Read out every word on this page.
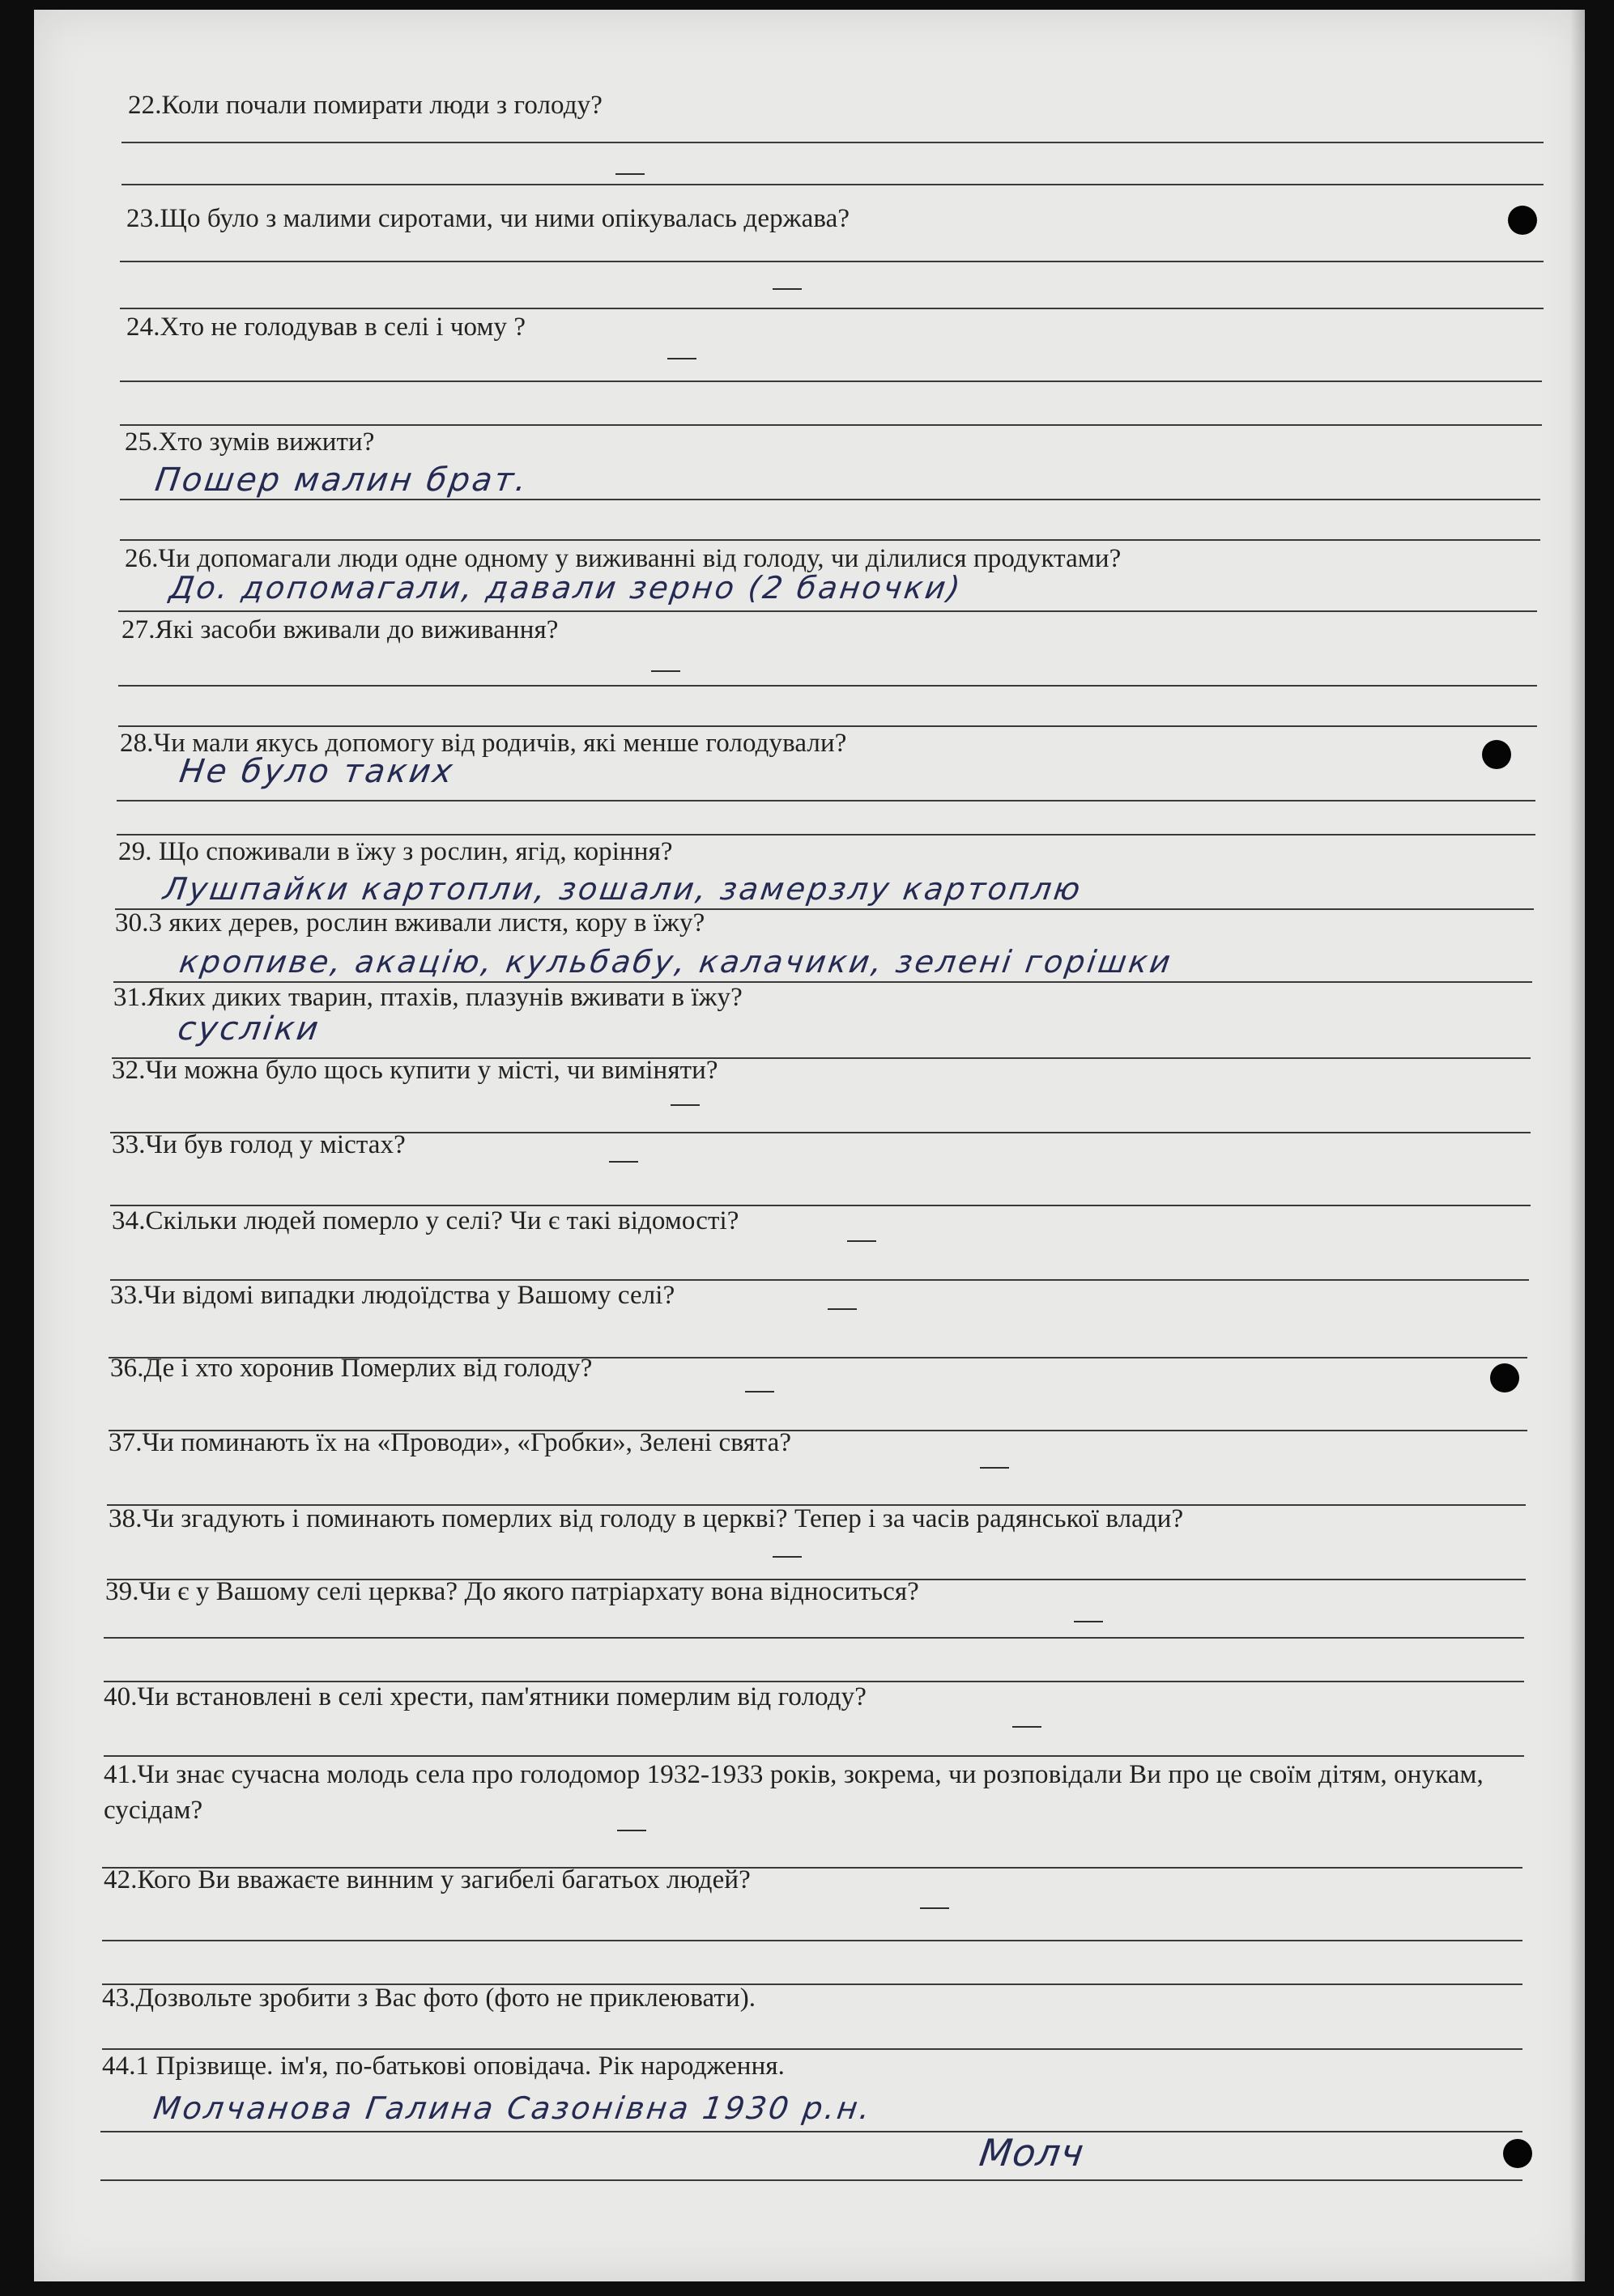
22.Коли почали помирати люди з голоду?
23.Що було з малими сиротами, чи ними опікувалась держава?
24.Хто не голодував в селі і чому ?
25.Хто зумів вижити?
Пошер малин брат.
26.Чи допомагали люди одне одному у виживанні від голоду, чи ділилися продуктами?
До. допомагали, давали зерно (2 баночки)
27.Які засоби вживали до виживання?
28.Чи мали якусь допомогу від родичів, які менше голодували?
Не було таких
29. Що споживали в їжу з рослин, ягід, коріння?
Лушпайки картопли, зошали, замерзлу картоплю
30.3 яких дерев, рослин вживали листя, кору в їжу?
кропиве, акацію, кульбабу, калачики, зелені горішки
31.Яких диких тварин, птахів, плазунів вживати в їжу?
сусліки
32.Чи можна було щось купити у місті, чи виміняти?
33.Чи був голод у містах?
34.Скільки людей померло у селі? Чи є такі відомості?
33.Чи відомі випадки людоїдства у Вашому селі?
36.Де і хто хоронив Померлих від голоду?
37.Чи поминають їх на «Проводи», «Гробки», Зелені свята?
38.Чи згадують і поминають померлих від голоду в церкві? Тепер і за часів радянської влади?
39.Чи є у Вашому селі церква? До якого патріархату вона відноситься?
40.Чи встановлені в селі хрести, пам'ятники померлим від голоду?
41.Чи знає сучасна молодь села про голодомор 1932-1933 років, зокрема, чи розповідали Ви про це своїм дітям, онукам, сусідам?
42.Кого Ви вважаєте винним у загибелі багатьох людей?
43.Дозвольте зробити з Вас фото (фото не приклеювати).
44.1 Прізвище. ім'я, по-батькові оповідача. Рік народження.
Молчанова Галина Сазонівна 1930 р.н.
Молч
